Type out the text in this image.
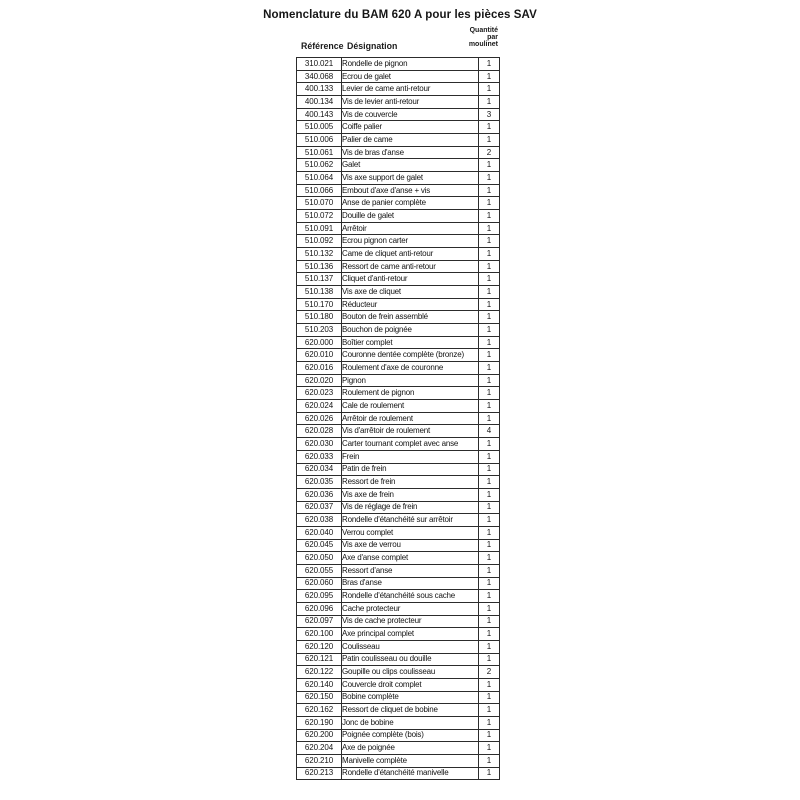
Nomenclature du BAM 620 A pour les pièces SAV
Référence Désignation
Quantité
par
moulinet
310.021	Rondelle de pignon	1
340.068	Ecrou de galet	1
400.133	Levier de came anti-retour	1
400.134	Vis de levier anti-retour	1
400.143	Vis de couvercle	3
510.005	Coiffe palier	1
510.006	Palier de came	1
510.061	Vis de bras d'anse	2
510.062	Galet	1
510.064	Vis axe support de galet	1
510.066	Embout d'axe d'anse + vis	1
510.070	Anse de panier complète	1
510.072	Douille de galet	1
510.091	Arrêtoir	1
510.092	Ecrou pignon carter	1
510.132	Came de cliquet anti-retour	1
510.136	Ressort de came anti-retour	1
510.137	Cliquet d'anti-retour	1
510.138	Vis axe de cliquet	1
510.170	Réducteur	1
510.180	Bouton de frein assemblé	1
510.203	Bouchon de poignée	1
620.000	Boîtier complet	1
620.010	Couronne dentée complète (bronze)	1
620.016	Roulement d'axe de couronne	1
620.020	Pignon	1
620.023	Roulement de pignon	1
620.024	Cale de roulement	1
620.026	Arrêtoir de roulement	1
620.028	Vis d'arrêtoir de roulement	4
620.030	Carter tournant complet avec anse	1
620.033	Frein	1
620.034	Patin de frein	1
620.035	Ressort de frein	1
620.036	Vis axe de frein	1
620.037	Vis de réglage de frein	1
620.038	Rondelle d'étanchéité sur arrêtoir	1
620.040	Verrou complet	1
620.045	Vis axe de verrou	1
620.050	Axe d'anse complet	1
620.055	Ressort d'anse	1
620.060	Bras d'anse	1
620.095	Rondelle d'étanchéité sous cache	1
620.096	Cache protecteur	1
620.097	Vis de cache protecteur	1
620.100	Axe principal complet	1
620.120	Coulisseau	1
620.121	Patin coulisseau ou douille	1
620.122	Goupille ou clips coulisseau	2
620.140	Couvercle droit complet	1
620.150	Bobine complète	1
620.162	Ressort de cliquet de bobine	1
620.190	Jonc de bobine	1
620.200	Poignée complète (bois)	1
620.204	Axe de poignée	1
620.210	Manivelle complète	1
620.213	Rondelle d'étanchéité manivelle	1
